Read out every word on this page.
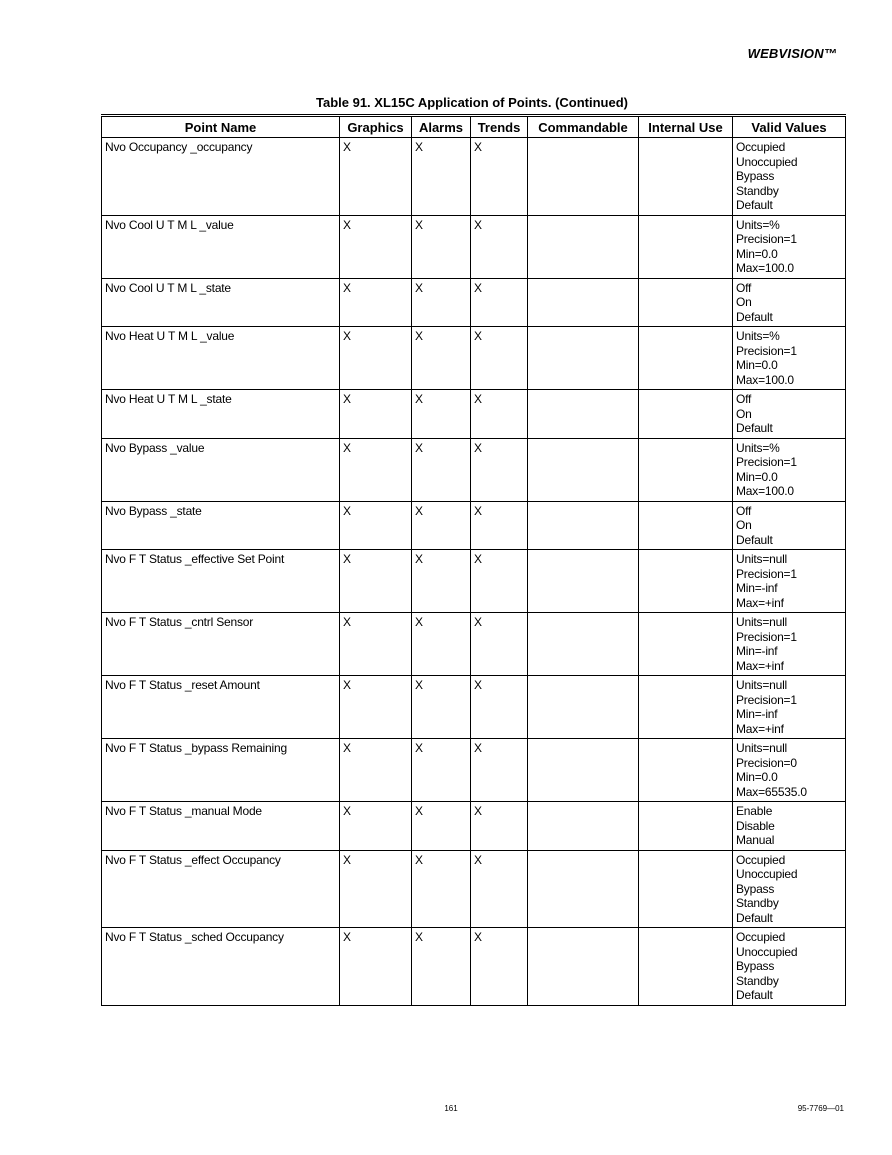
WEBVISION™
Table 91. XL15C Application of Points. (Continued)
Point Name	Graphics	Alarms	Trends	Commandable	Internal Use	Valid Values
Nvo Occupancy _occupancy	X	X	X			Occupied
Unoccupied
Bypass
Standby
Default

Nvo Cool U T M L _value	X	X	X			Units=%
Precision=1
Min=0.0
Max=100.0

Nvo Cool U T M L _state	X	X	X			Off
On
Default

Nvo Heat U T M L _value	X	X	X			Units=%
Precision=1
Min=0.0
Max=100.0

Nvo Heat U T M L _state	X	X	X			Off
On
Default

Nvo Bypass _value	X	X	X			Units=%
Precision=1
Min=0.0
Max=100.0

Nvo Bypass _state	X	X	X			Off
On
Default

Nvo F T Status _effective Set Point	X	X	X			Units=null
Precision=1
Min=-inf
Max=+inf

Nvo F T Status _cntrl Sensor	X	X	X			Units=null
Precision=1
Min=-inf
Max=+inf

Nvo F T Status _reset Amount	X	X	X			Units=null
Precision=1
Min=-inf
Max=+inf

Nvo F T Status _bypass Remaining	X	X	X			Units=null
Precision=0
Min=0.0
Max=65535.0

Nvo F T Status _manual Mode	X	X	X			Enable
Disable
Manual

Nvo F T Status _effect Occupancy	X	X	X			Occupied
Unoccupied
Bypass
Standby
Default

Nvo F T Status _sched Occupancy	X	X	X			Occupied
Unoccupied
Bypass
Standby
Default
161	95-7769—01
